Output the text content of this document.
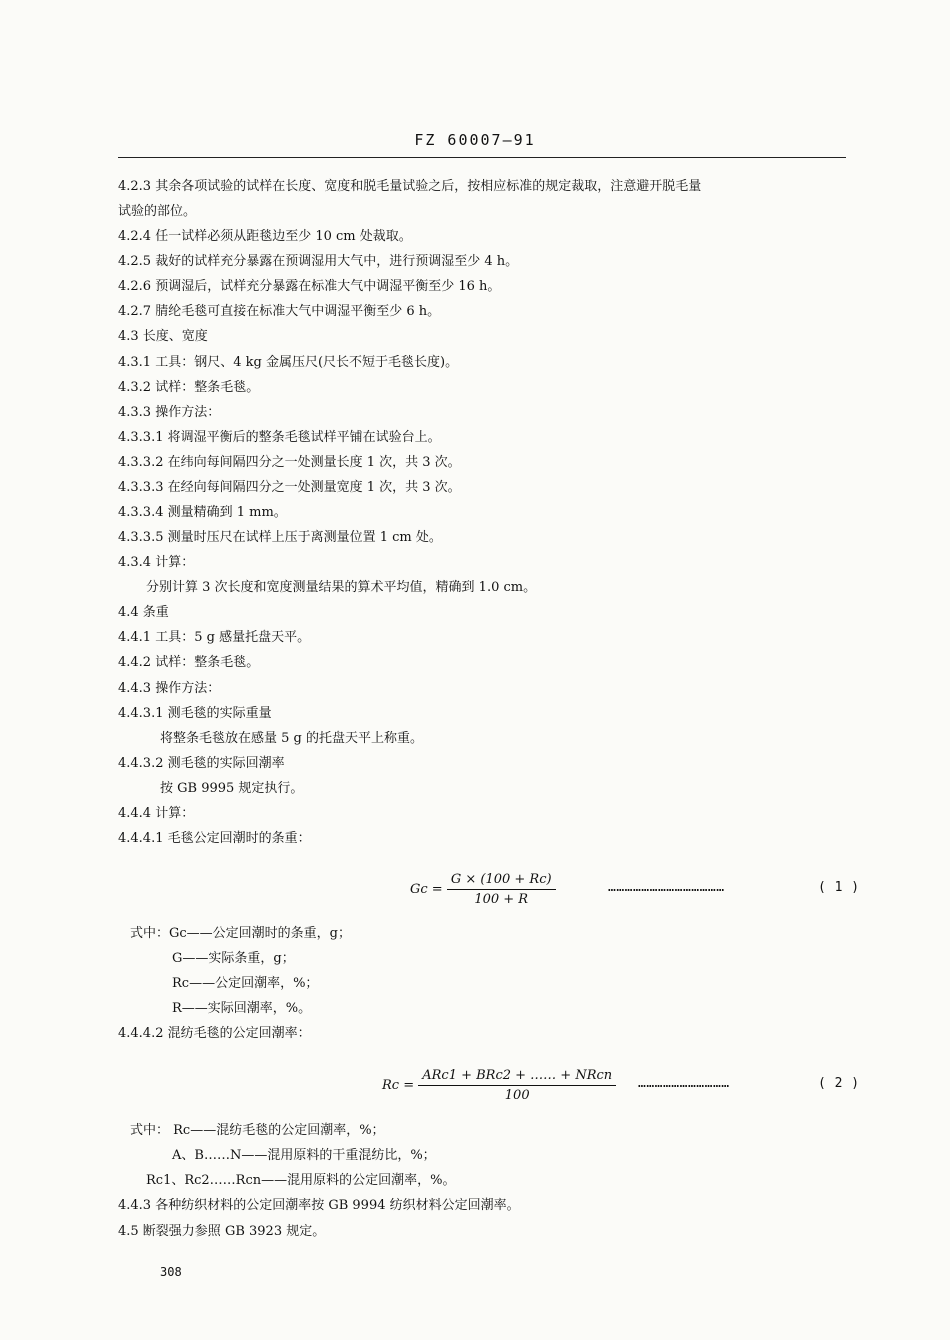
FZ 60007—91
4.2.3 其余各项试验的试样在长度、宽度和脱毛量试验之后，按相应标准的规定裁取，注意避开脱毛量
试验的部位。
4.2.4 任一试样必须从距毯边至少 10 cm 处裁取。
4.2.5 裁好的试样充分暴露在预调湿用大气中，进行预调湿至少 4 h。
4.2.6 预调湿后，试样充分暴露在标准大气中调湿平衡至少 16 h。
4.2.7 腈纶毛毯可直接在标准大气中调湿平衡至少 6 h。
4.3 长度、宽度
4.3.1 工具：钢尺、4 kg 金属压尺(尺长不短于毛毯长度)。
4.3.2 试样：整条毛毯。
4.3.3 操作方法：
4.3.3.1 将调湿平衡后的整条毛毯试样平铺在试验台上。
4.3.3.2 在纬向每间隔四分之一处测量长度 1 次，共 3 次。
4.3.3.3 在经向每间隔四分之一处测量宽度 1 次，共 3 次。
4.3.3.4 测量精确到 1 mm。
4.3.3.5 测量时压尺在试样上压于离测量位置 1 cm 处。
4.3.4 计算：
分别计算 3 次长度和宽度测量结果的算术平均值，精确到 1.0 cm。
4.4 条重
4.4.1 工具：5 g 感量托盘天平。
4.4.2 试样：整条毛毯。
4.4.3 操作方法：
4.4.3.1 测毛毯的实际重量
将整条毛毯放在感量 5 g 的托盘天平上称重。
4.4.3.2 测毛毯的实际回潮率
按 GB 9995 规定执行。
4.4.4 计算：
4.4.4.1 毛毯公定回潮时的条重：
$Gc = \frac{G \times (100 + Rc)}{100 + R}$	……………………………………	( 1 )
式中：Gc——公定回潮时的条重，g；
G——实际条重，g；
Rc——公定回潮率，%；
R——实际回潮率，%。
4.4.4.2 混纺毛毯的公定回潮率：
$Rc = \frac{\text{ARc1 + BRc2 + …… + NRcn}}{100}$ ……………………………	( 2 )
式中： Rc——混纺毛毯的公定回潮率，%；
A、B……N——混用原料的干重混纺比，%；
Rc1、Rc2……Rcn——混用原料的公定回潮率，%。
4.4.3 各种纺织材料的公定回潮率按 GB 9994 纺织材料公定回潮率。
4.5 断裂强力参照 GB 3923 规定。
308
